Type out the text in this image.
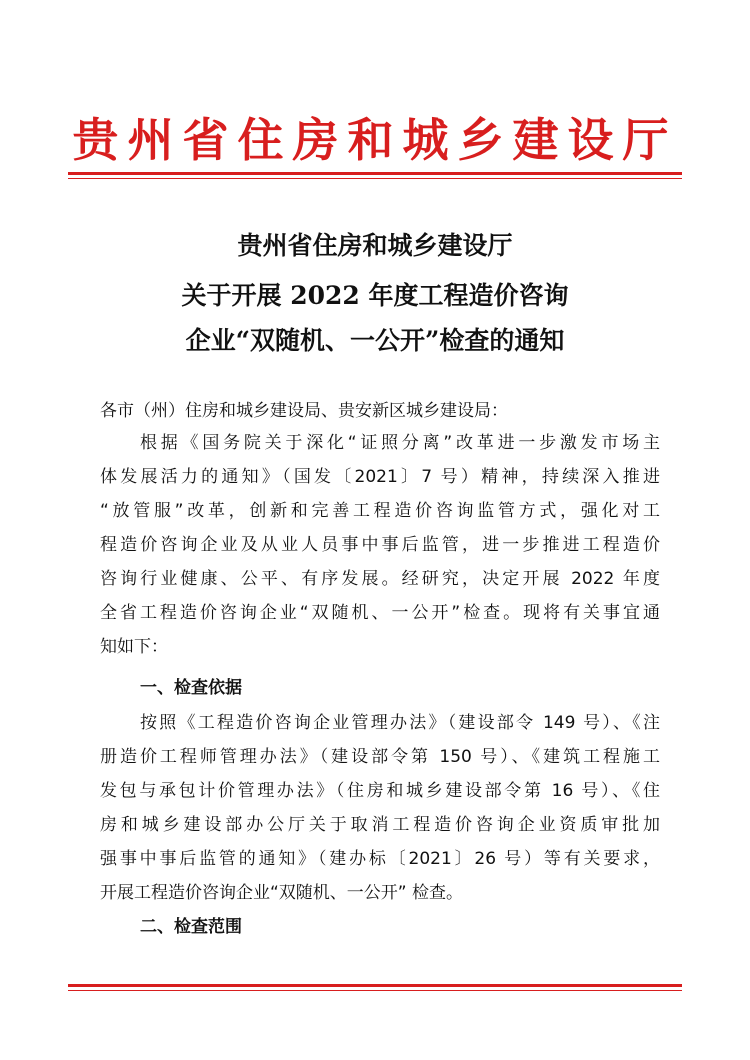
贵州省住房和城乡建设厅
贵州省住房和城乡建设厅
关于开展 2022 年度工程造价咨询
企业“双随机、一公开”检查的通知
各市（州）住房和城乡建设局、贵安新区城乡建设局：
根据《国务院关于深化“证照分离”改革进一步激发市场主
体发展活力的通知》（国发〔2021〕7 号）精神，持续深入推进
“放管服”改革，创新和完善工程造价咨询监管方式，强化对工
程造价咨询企业及从业人员事中事后监管，进一步推进工程造价
咨询行业健康、公平、有序发展。经研究，决定开展 2022 年度
全省工程造价咨询企业“双随机、一公开”检查。现将有关事宜通
知如下：
一、检查依据
按照《工程造价咨询企业管理办法》（建设部令 149 号）、《注
册造价工程师管理办法》（建设部令第 150 号）、《建筑工程施工
发包与承包计价管理办法》（住房和城乡建设部令第 16 号）、《住
房和城乡建设部办公厅关于取消工程造价咨询企业资质审批加
强事中事后监管的通知》（建办标〔2021〕26 号）等有关要求，
开展工程造价咨询企业“双随机、一公开” 检查。
二、检查范围
